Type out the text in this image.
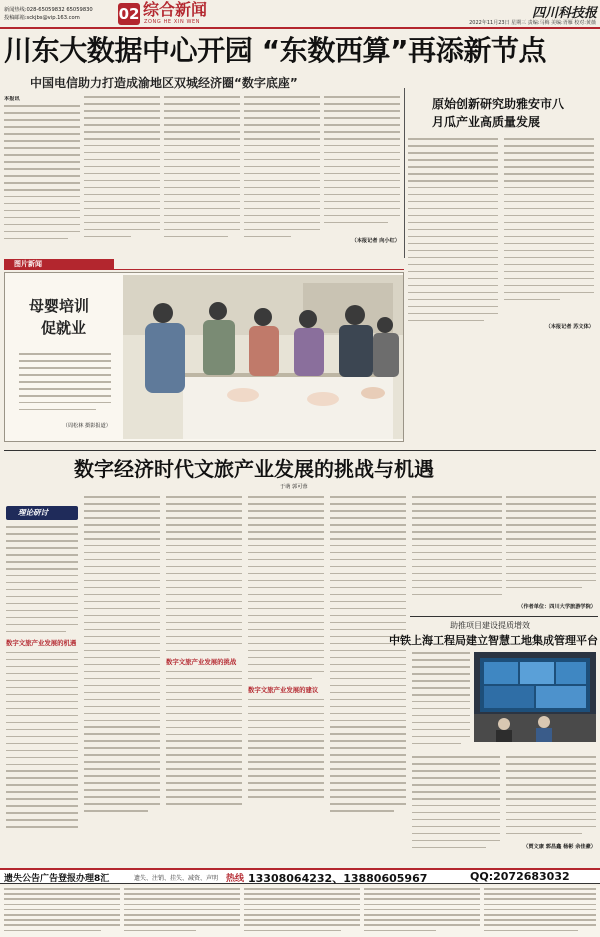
新闻热线:028-65059832 65059830
投稿邮箱:sckjbs@vip.163.com	02 综合新闻
ZONG HE XIN WEN
四川科技报
2022年11月23日 星期三 责编:马梅 美编:胥雁 校对:黄薇
川东大数据中心开园 “东数西算”再添新节点
中国电信助力打造成渝地区双城经济圈“数字底座”
本报讯
（本报记者 向小红）
原始创新研究助雅安市八
月瓜产业高质量发展
（本报记者 苏文体）
图片新闻
母婴培训
促就业
（周松林 摄影报道）
数字经济时代文旅产业发展的挑战与机遇
于萌 郭可蓉
理论研讨
数字文旅产业发展的机遇
数字文旅产业发展的挑战
数字文旅产业发展的建议
（作者单位：四川大学旅游学院）
助推项目建设提质增效
中铁上海工程局建立智慧工地集成管理平台
（贾文康 郭昌鑫 杨彬 余佳豪）
遗失公告广告登报办理8汇	遗失、注销、挂失、减资、声明 热线 13308064232、13880605967	QQ:2072683032
